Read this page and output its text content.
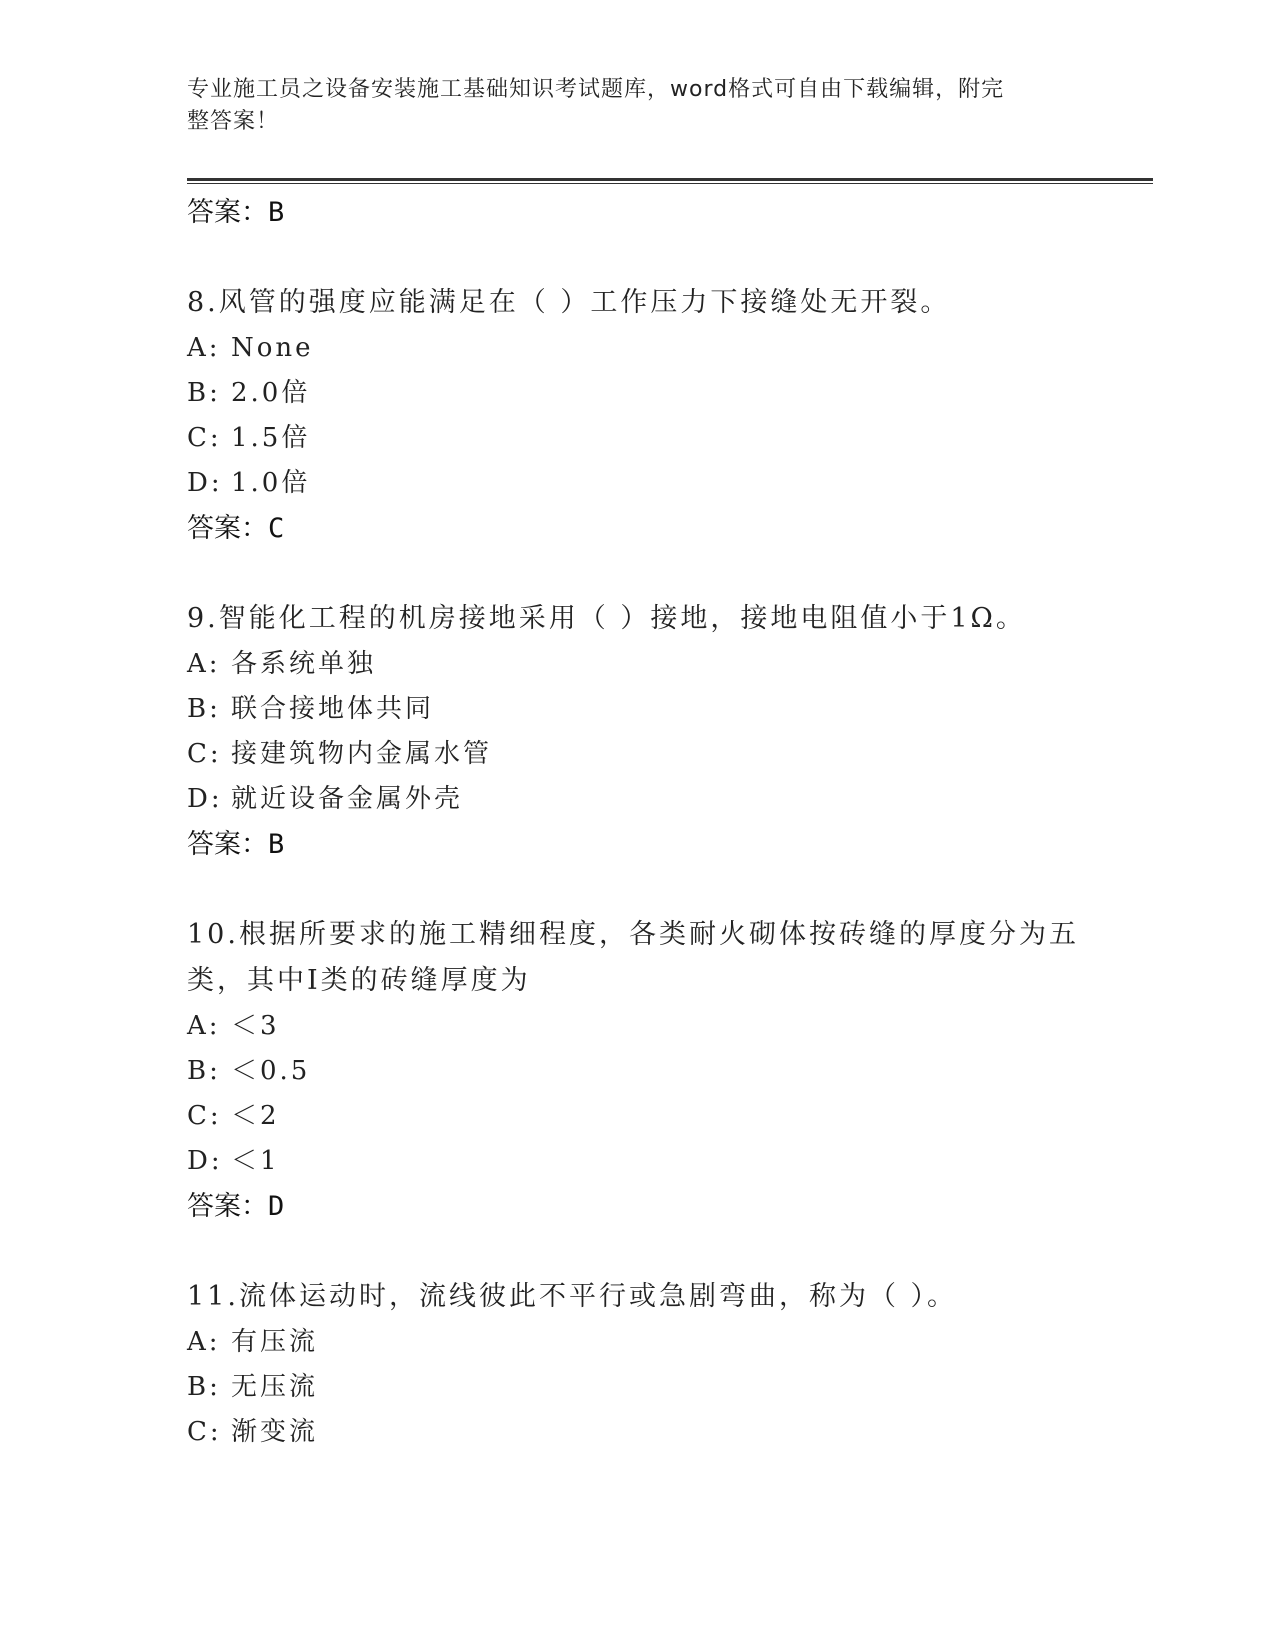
专业施工员之设备安装施工基础知识考试题库，word格式可自由下载编辑，附完
整答案！
答案：B
8.风管的强度应能满足在（ ）工作压力下接缝处无开裂。
A: None
B: 2.0倍
C: 1.5倍
D: 1.0倍
答案：C
9.智能化工程的机房接地采用（ ）接地，接地电阻值小于1Ω。
A: 各系统单独
B: 联合接地体共同
C: 接建筑物内金属水管
D: 就近设备金属外壳
答案：B
10.根据所要求的施工精细程度，各类耐火砌体按砖缝的厚度分为五类，其中Ⅰ类的砖缝厚度为
A: ＜3
B: ＜0.5
C: ＜2
D: ＜1
答案：D
11.流体运动时，流线彼此不平行或急剧弯曲，称为（ ）。
A: 有压流
B: 无压流
C: 渐变流
